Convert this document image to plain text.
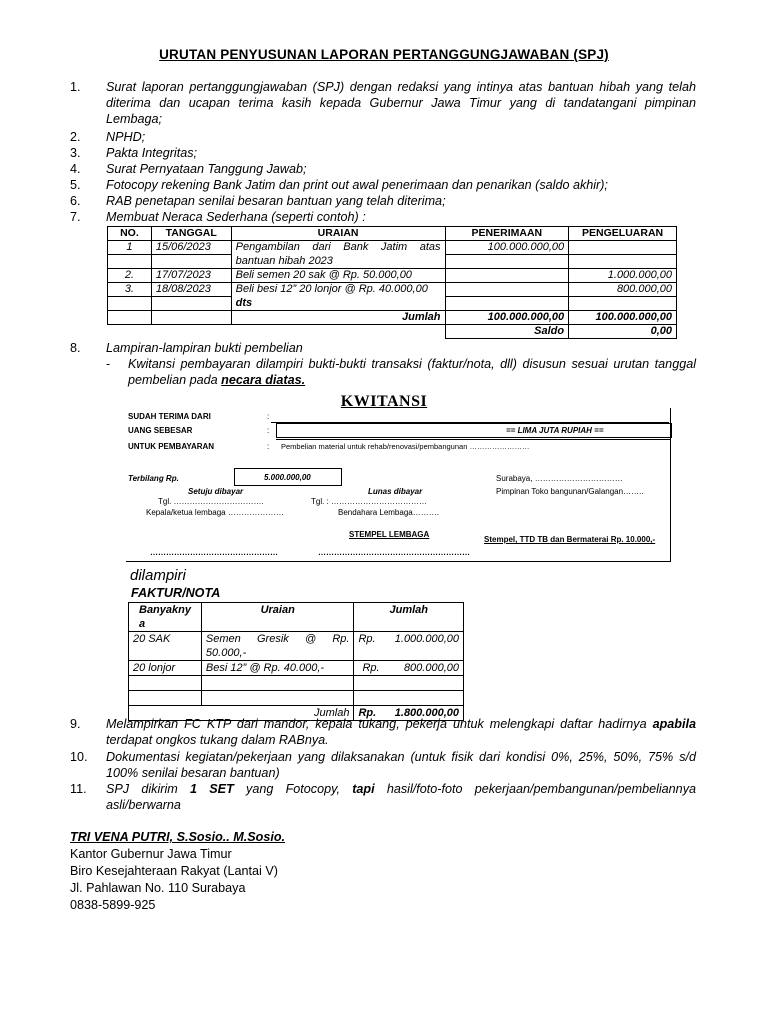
URUTAN PENYUSUNAN LAPORAN PERTANGGUNGJAWABAN (SPJ)
1. Surat laporan pertanggungjawaban (SPJ) dengan redaksi yang intinya atas bantuan hibah yang telah diterima dan ucapan terima kasih kepada Gubernur Jawa Timur yang di tandatangani pimpinan Lembaga;
2. NPHD;
3. Pakta Integritas;
4. Surat Pernyataan Tanggung Jawab;
5. Fotocopy rekening Bank Jatim dan print out awal penerimaan dan penarikan (saldo akhir);
6. RAB penetapan senilai besaran bantuan yang telah diterima;
7. Membuat Neraca Sederhana (seperti contoh) :
NO.	TANGGAL	URAIAN	PENERIMAAN	PENGELUARAN
1	15/06/2023	Pengambilan dari Bank Jatim atas	100.000.000,00	
		bantuan hibah 2023		
2.	17/07/2023	Beli semen 20 sak @ Rp. 50.000,00		1.000.000,00
3.	18/08/2023	Beli besi 12” 20 lonjor @ Rp. 40.000,00		800.000,00
		dts		
		Jumlah	100.000.000,00	100.000.000,00
			Saldo	0,00
8. Lampiran-lampiran bukti pembelian
- Kwitansi pembayaran dilampiri bukti-bukti transaksi (faktur/nota, dll) disusun sesuai urutan tanggal pembelian pada necara diatas.
KWITANSI
SUDAH TERIMA DARI	:
UANG SEBESAR	:	== LIMA JUTA RUPIAH ==
UNTUK PEMBAYARAN	: Pembelian material untuk rehab/renovasi/pembangunan ……………………
Terbilang Rp.	5.000.000,00	Surabaya, ……………………………
Pimpinan Toko bangunan/Galangan……..
Setuju dibayar	Lunas dibayar
Tgl. …………………………….	Tgl. : ………………………………
Kepala/ketua lembaga …………………	Bendahara Lembaga……….
STEMPEL LEMBAGA
Stempel, TTD TB dan Bermaterai Rp. 10.000,-
…………………………………………	…………………………………………………
dilampiri
FAKTUR/NOTA
Banyakny a	Uraian	Jumlah
20 SAK	Semen Gresik @ Rp. 50.000,-	Rp. 1.000.000,00

20 lonjor	Besi 12” @ Rp. 40.000,-	Rp. 800.000,00

	Jumlah	Rp. 1.800.000,00
9. Melampirkan FC KTP dari mandor, kepala tukang, pekerja untuk melengkapi daftar hadirnya apabila terdapat ongkos tukang dalam RABnya.
10. Dokumentasi kegiatan/pekerjaan yang dilaksanakan (untuk fisik dari kondisi 0%, 25%, 50%, 75% s/d 100% senilai besaran bantuan)
11. SPJ dikirim 1 SET yang Fotocopy, tapi hasil/foto-foto pekerjaan/pembangunan/pembeliannya asli/berwarna
TRI VENA PUTRI, S.Sosio.. M.Sosio.
Kantor Gubernur Jawa Timur
Biro Kesejahteraan Rakyat (Lantai V)
Jl. Pahlawan No. 110 Surabaya
0838-5899-925
